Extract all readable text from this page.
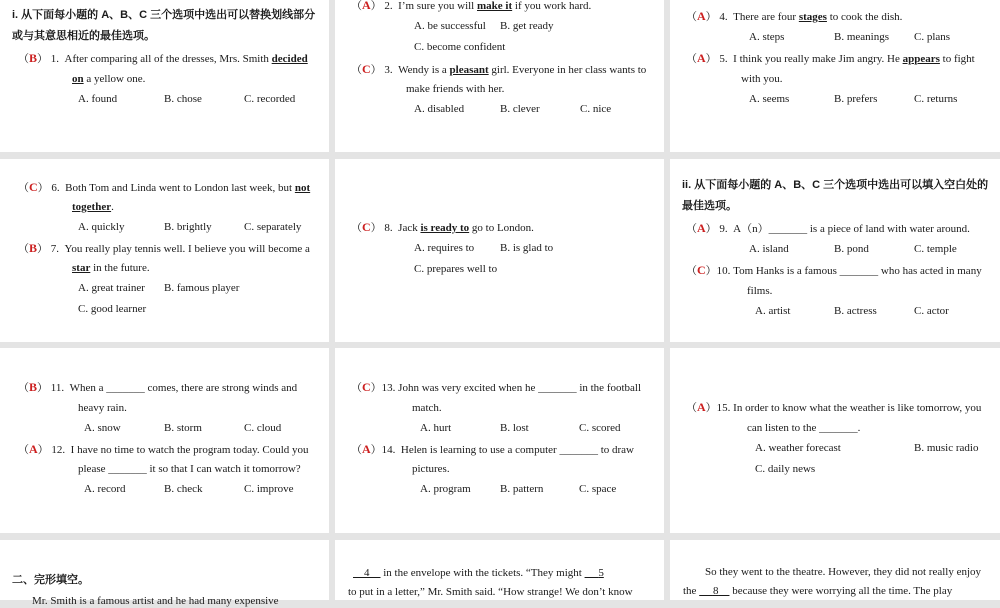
i. 从下面每小题的 A、B、C 三个选项中选出可以替换划线部分
或与其意思相近的最佳选项。
（B） 1. After comparing all of the dresses, Mrs. Smith decided
on a yellow one.
A. found	B. chose	C. recorded
（A） 2. I’m sure you will make it if you work hard.
A. be successful B. get ready
C. become confident
（C） 3. Wendy is a pleasant girl. Everyone in her class wants to
make friends with her.
A. disabled	B. clever	C. nice
（A） 4. There are four stages to cook the dish.
A. steps	B. meanings C. plans
（A） 5. I think you really make Jim angry. He appears to fight
with you.
A. seems	B. prefers	C. returns
（C） 6. Both Tom and Linda went to London last week, but not
together.
A. quickly	B. brightly	C. separately
（B） 7. You really play tennis well. I believe you will become a
star in the future.
A. great trainer B. famous player
C. good learner
（C） 8. Jack is ready to go to London.
A. requires to B. is glad to
C. prepares well to
ii. 从下面每小题的 A、B、C 三个选项中选出可以填入空白处的
最佳选项。
（A） 9. A（n）_______ is a piece of land with water around.
A. island	B. pond	C. temple
（C）10. Tom Hanks is a famous _______ who has acted in many
films.
A. artist	B. actress	C. actor
（B） 11. When a _______ comes, there are strong winds and
heavy rain.
A. snow	B. storm	C. cloud
（A） 12. I have no time to watch the program today. Could you
please _______ it so that I can watch it tomorrow?
A. record	B. check	C. improve
（C）13. John was very excited when he _______ in the football
match.
A. hurt	B. lost	C. scored
（A）14. Helen is learning to use a computer _______ to draw
pictures.
A. program	B. pattern	C. space
（A）15. In order to know what the weather is like tomorrow, you
can listen to the _______.
A. weather forecast	B. music radio
C. daily news
二、完形填空。
Mr. Smith is a famous artist and he had many expensive
4     in the envelope with the tickets. “They might      5
to put in a letter,” Mr. Smith said. “How strange! We don’t know
So they went to the theatre. However, they did not really enjoy
the      8     because they were worrying all the time. The play
